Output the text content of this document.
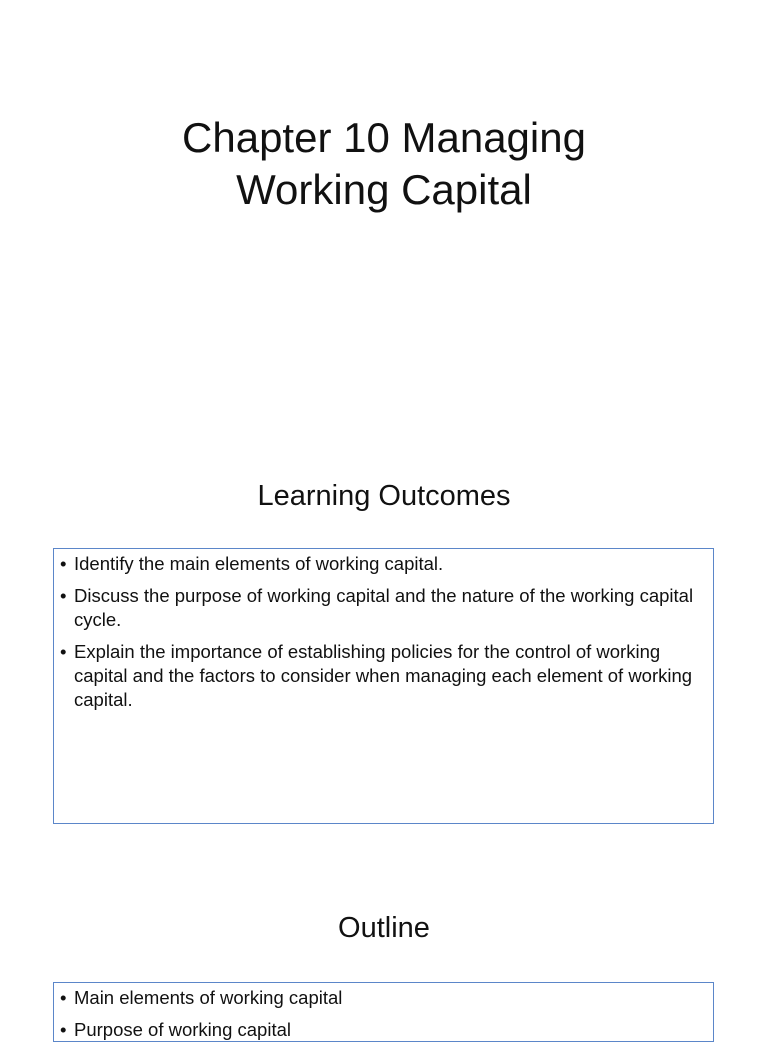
Chapter 10 Managing
Working Capital
Learning Outcomes
• Identify the main elements of working capital.
• Discuss the purpose of working capital and the nature of the working capital cycle.
• Explain the importance of establishing policies for the control of working capital and the factors to consider when managing each element of working capital.
Outline
• Main elements of working capital
• Purpose of working capital
